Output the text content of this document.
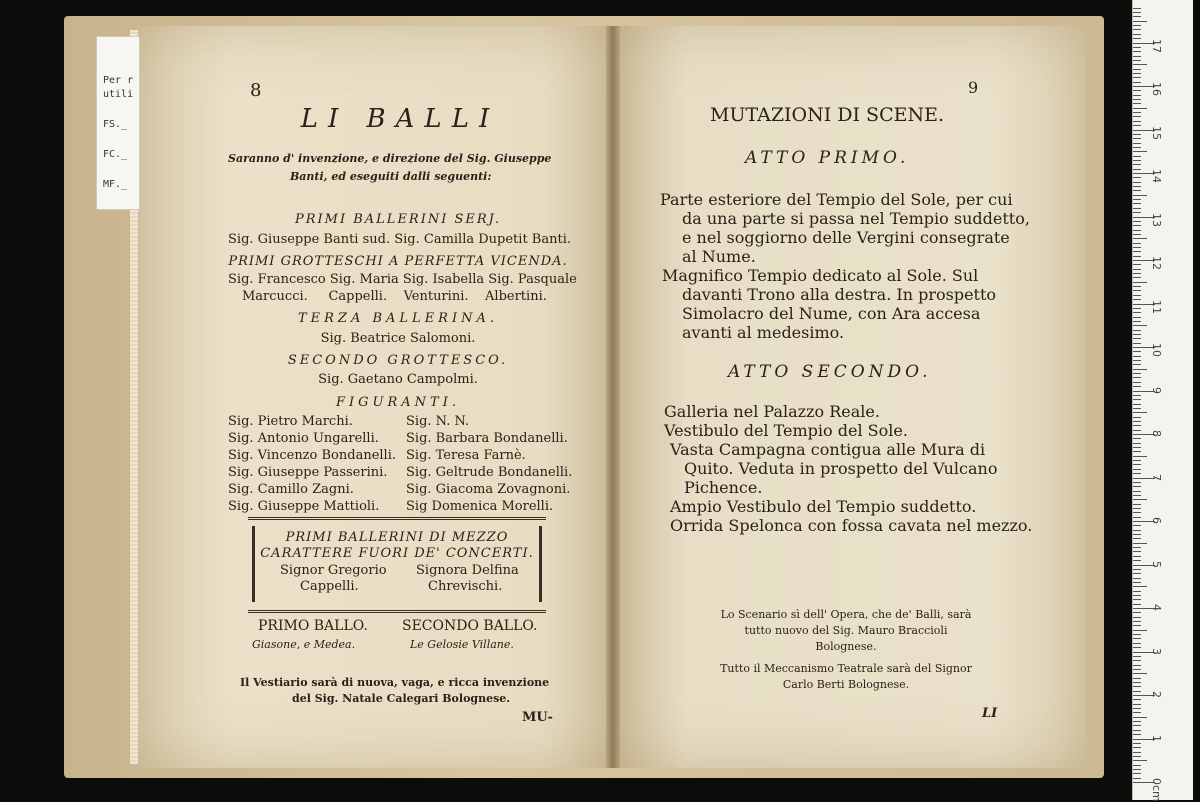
Per r
utili
FS._
FC._
MF._
0cm
1
2
3
4
5
6
7
8
9
10
11
12
13
14
15
16
17
8
LI BALLI
Saranno d' invenzione, e direzione del Sig. Giuseppe
Banti, ed eseguiti dalli seguenti:
PRIMI BALLERINI SERJ.
Sig. Giuseppe Banti sud. Sig. Camilla Dupetit Banti.
PRIMI GROTTESCHI A PERFETTA VICENDA.
Sig. Francesco Sig. Maria Sig. Isabella Sig. Pasquale
Marcucci.     Cappelli.    Venturini.    Albertini.
TERZA BALLERINA.
Sig. Beatrice Salomoni.
SECONDO GROTTESCO.
Sig. Gaetano Campolmi.
FIGURANTI.
Sig. Pietro Marchi.
Sig. Antonio Ungarelli.
Sig. Vincenzo Bondanelli.
Sig. Giuseppe Passerini.
Sig. Camillo Zagni.
Sig. Giuseppe Mattioli.
Sig. N. N.
Sig. Barbara Bondanelli.
Sig. Teresa Farnè.
Sig. Geltrude Bondanelli.
Sig. Giacoma Zovagnoni.
Sig Domenica Morelli.
PRIMI BALLERINI DI MEZZO
CARATTERE FUORI DE' CONCERTI.
Signor Gregorio
Cappelli.
Signora Delfina
Chrevischi.
PRIMO BALLO. SECONDO BALLO.
Giasone, e Medea.	Le Gelosie Villane.
Il Vestiario sarà di nuova, vaga, e ricca invenzione
del Sig. Natale Calegari Bolognese.
MU-
9
MUTAZIONI DI SCENE.
ATTO PRIMO.
Parte esteriore del Tempio del Sole, per cui
da una parte si passa nel Tempio suddetto,
e nel soggiorno delle Vergini consegrate
al Nume.
Magnifico Tempio dedicato al Sole. Sul
davanti Trono alla destra. In prospetto
Simolacro del Nume, con Ara accesa
avanti al medesimo.
ATTO SECONDO.
Galleria nel Palazzo Reale.
Vestibulo del Tempio del Sole.
Vasta Campagna contigua alle Mura di
Quito. Veduta in prospetto del Vulcano
Pichence.
Ampio Vestibulo del Tempio suddetto.
Orrida Spelonca con fossa cavata nel mezzo.
Lo Scenario sì dell' Opera, che de' Balli, sarà
tutto nuovo del Sig. Mauro Braccioli
Bolognese.
Tutto il Meccanismo Teatrale sarà del Signor
Carlo Berti Bolognese.
LI
